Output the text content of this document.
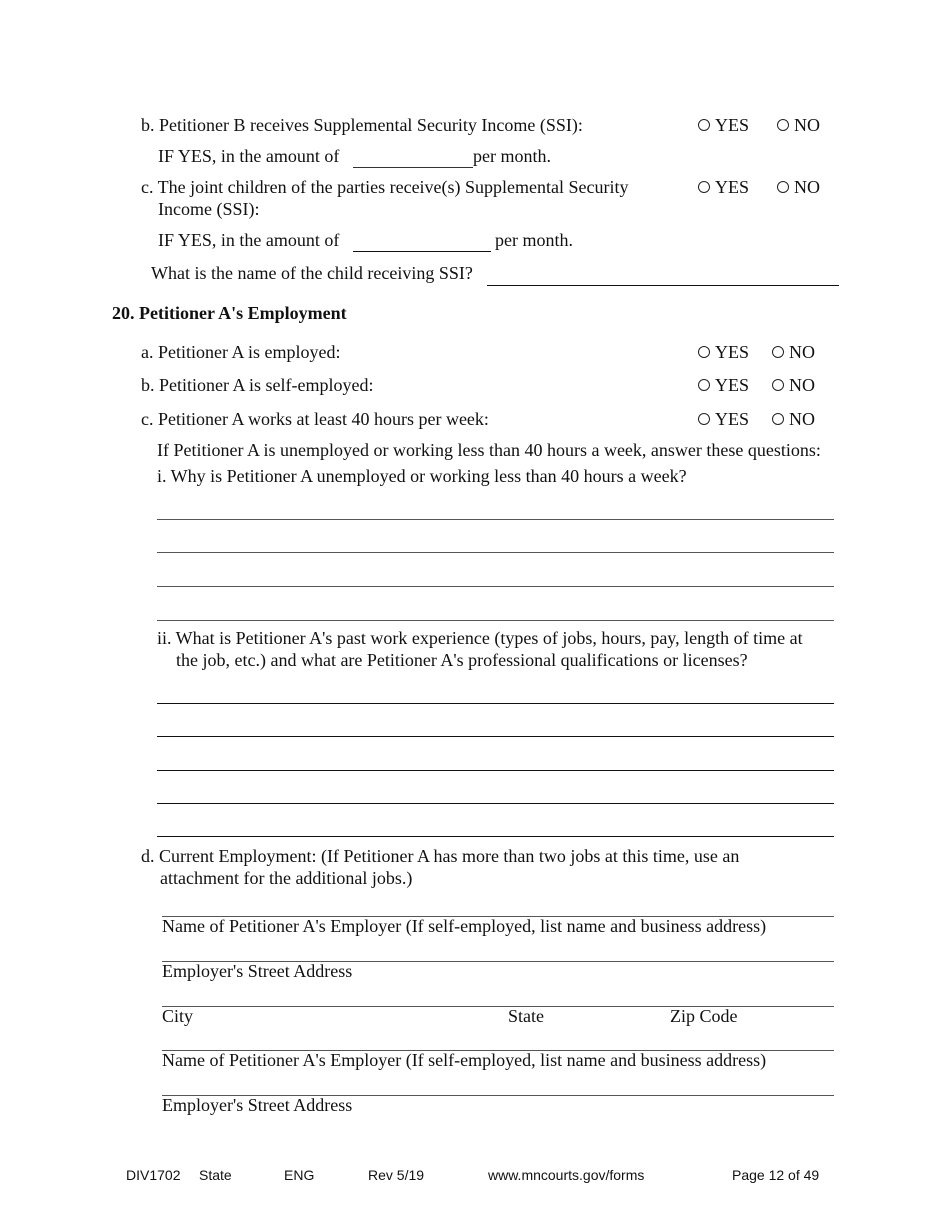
b. Petitioner B receives Supplemental Security Income (SSI):	YES NO
IF YES, in the amount of	per month.
c. The joint children of the parties receive(s) Supplemental Security
Income (SSI):
YES NO
IF YES, in the amount of	per month.
What is the name of the child receiving SSI?
20. Petitioner A's Employment
a. Petitioner A is employed:	YES NO
b. Petitioner A is self-employed:	YES NO
c. Petitioner A works at least 40 hours per week:	YES NO
If Petitioner A is unemployed or working less than 40 hours a week, answer these questions:
i. Why is Petitioner A unemployed or working less than 40 hours a week?
ii. What is Petitioner A's past work experience (types of jobs, hours, pay, length of time at
the job, etc.) and what are Petitioner A's professional qualifications or licenses?
d. Current Employment: (If Petitioner A has more than two jobs at this time, use an
attachment for the additional jobs.)
Name of Petitioner A's Employer (If self-employed, list name and business address)
Employer's Street Address
City	State	Zip Code
Name of Petitioner A's Employer (If self-employed, list name and business address)
Employer's Street Address
DIV1702 State	ENG	Rev 5/19	www.mncourts.gov/forms	Page 12 of 49
